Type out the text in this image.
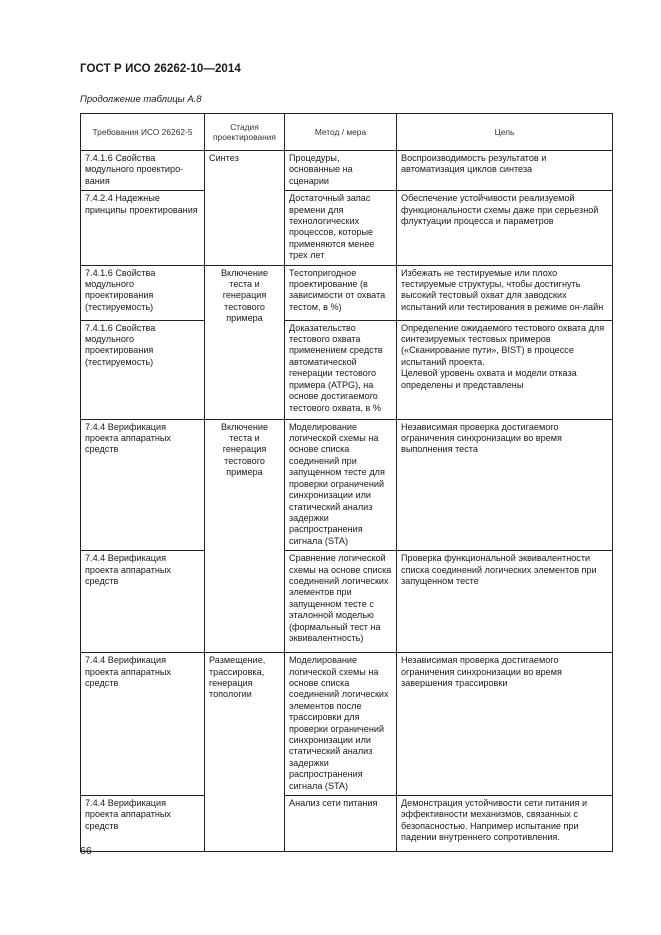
ГОСТ Р ИСО 26262-10—2014
Продолжение таблицы А.8
Требования ИСО 26262-5	Стадия проектирования	Метод / мера	Цель
7.4.1.6 Свойства модульного проектиро-вания	Синтез	Процедуры, основанные на сценарии	Воспроизводимость результатов и автоматизация циклов синтеза
7.4.2.4 Надежные принципы проектирования		Достаточный запас времени для технологических процессов, которые применяются менее трех лет	Обеспечение устойчивости реализуемой функциональности схемы даже при серьезной флуктуации процесса и параметров
7.4.1.6 Свойства модульного проектирования (тестируемость)	Включение теста и генерация тестового примера	Тестопригодное проектирование (в зависимости от охвата тестом, в %)	Избежать не тестируемые или плохо тестируемые структуры, чтобы достигнуть высокий тестовый охват для заводских испытаний или тестирования в режиме он-лайн
7.4.1.6 Свойства модульного проектирования (тестируемость)		Доказательство тестового охвата применением средств автоматической генерации тестового примера (ATPG), на основе достигаемого тестового охвата, в %	Определение ожидаемого тестового охвата для синтезируемых тестовых примеров («Сканирование пути», BIST) в процессе испытаний проекта.
Целевой уровень охвата и модели отказа определены и представлены

7.4.4 Верификация проекта аппаратных средств	Включение теста и генерация тестового примера	Моделирование логической схемы на основе списка соединений при запущенном тесте для проверки ограничений синхронизации или статический анализ задержки распространения сигнала (STA)	Независимая проверка достигаемого ограничения синхронизации во время выполнения теста
7.4.4 Верификация проекта аппаратных средств		Сравнение логической схемы на основе списка соединений логических элементов при запущенном тесте с эталонной моделью (формальный тест на эквивалентность)	Проверка функциональной эквивалентности списка соединений логических элементов при запущенном тесте
7.4.4 Верификация проекта аппаратных средств	Размещение, трассировка, генерация топологии	Моделирование логической схемы на основе списка соединений логических элементов после трассировки для проверки ограничений синхронизации или статический анализ задержки распространения сигнала (STA)	Независимая проверка достигаемого ограничения синхронизации во время завершения трассировки
7.4.4 Верификация проекта аппаратных средств		Анализ сети питания	Демонстрация устойчивости сети питания и эффективности механизмов, связанных с безопасностью. Например испытание при падении внутреннего сопротивления.
66
